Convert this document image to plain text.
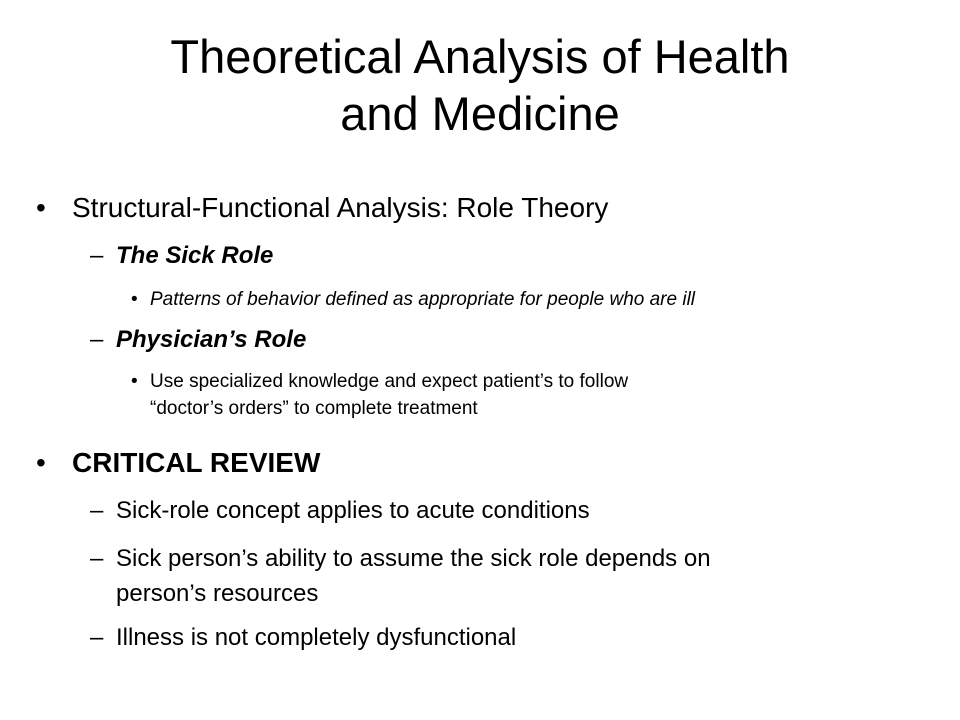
Theoretical Analysis of Health
and Medicine
• Structural-Functional Analysis: Role Theory
– The Sick Role
• Patterns of behavior defined as appropriate for people who are ill
– Physician’s Role
• Use specialized knowledge and expect patient’s to follow
“doctor’s orders” to complete treatment
• CRITICAL REVIEW
– Sick-role concept applies to acute conditions
– Sick person’s ability to assume the sick role depends on
person’s resources
– Illness is not completely dysfunctional
